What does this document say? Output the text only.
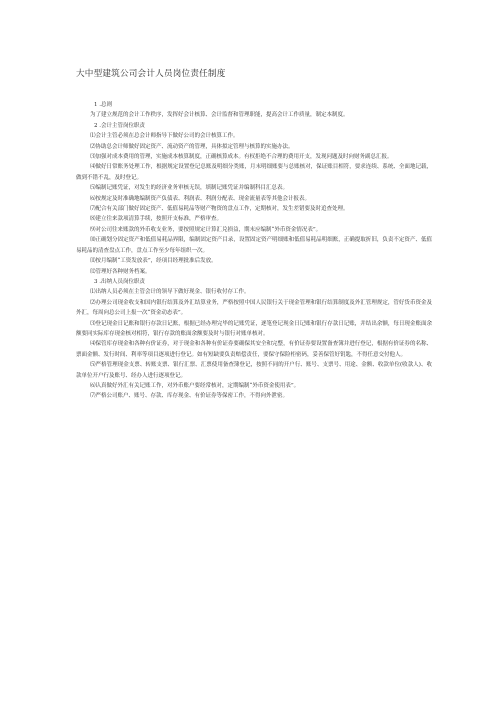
大中型建筑公司会计人员岗位责任制度

1 .总则

为了建立规范的会计工作秩序，发挥好会计核算、会计监督和管理职能，提高会计工作质量，制定本制度。

2 .会计主管岗位职责

⑴会计主管必须在总会计师指导下做好公司的会计核算工作。

⑵协助总会计师做好固定资产、流动资产的管理，具体拟定管理与核算的实施办法。

⑶加强对成本费用的管理，实施成本核算制度，正确核算成本。有权拒绝不合理的费用开支，发现问题及时向财务副总汇报。

⑷做好日常账务处理工作，根据规定设置登记总账及明细分类账，月末明细账要与总账核对，保证账目相符，要求连续、系统、全面地记载，做到不错不乱，及时登记。

⑸编制记账凭证，对发生的经济业务审核无误，填制记账凭证并编制科目汇总表。

⑹按规定及时准确地编制资产负债表、利润表、利润分配表、现金流量表等其他会计报表。

⑺配合有关部门做好固定资产、低值易耗品等财产物资的盘点工作，定期核对，发生差错要及时追查处理。

⑻建立往来款项清算手续，按照开支标准，严格审查。

⑼对公司往来账款的外币收支业务，要按照规定计算汇兑损益，期末应编制“外币资金情况表”。

⑽正确划分固定资产和低值易耗品界限，编制固定资产目录，设置固定资产明细账和低值易耗品明细账，正确提取折旧，负责不定资产、低值易耗品的清查盘点工作，盘点工作至少每年组织一次。

⑾按月编制“工资发放表”，经项目经理批准后发放。

⑿管理好各种财务档案。

3 .出纳人员岗位职责

⑴出纳人员必须在主管会计的领导下做好现金、银行收付存工作。

⑵办理公司现金收支和国内银行结算及外汇结算业务，严格按照中国人民银行关于现金管理和银行结算制度及外汇管理规定，管好货币资金及外汇，每周向总公司上报一次“资金动态表”。

⑶登记现金日记账和银行存款日记账，根据已经办理完毕的记账凭证，逐笔登记现金日记账和银行存款日记账，并结出余额，每日现金账面余额要同实际库存现金核对相符，银行存款的账面余额要及时与银行对账单核对。

⑷保管库存现金和各种有价证券，对于现金和各种有价证券要确保其安全和完整，有价证券要设置备查簿并进行登记，根据有价证券的名称、票面金额、发行时间、利率等项目逐项进行登记。如有短缺要负责赔偿责任，要保守保险柜密码，妥善保管好钥匙，不得任意交付他人。

⑸严格管理现金支票、转账支票、银行汇票、汇票使用备查簿登记，按照不同的开户行、账号、支票号、用途、金额、收款单位(收款人)、收款单位开户行及账号、经办人进行逐项登记。

⑹认真做好外汇有关记账工作，对外币账户要经常核对，定期编制“外币资金使用表”。

⑺严格公司账户、账号、存款、库存现金、有价证券等保密工作，不得向外泄密。
